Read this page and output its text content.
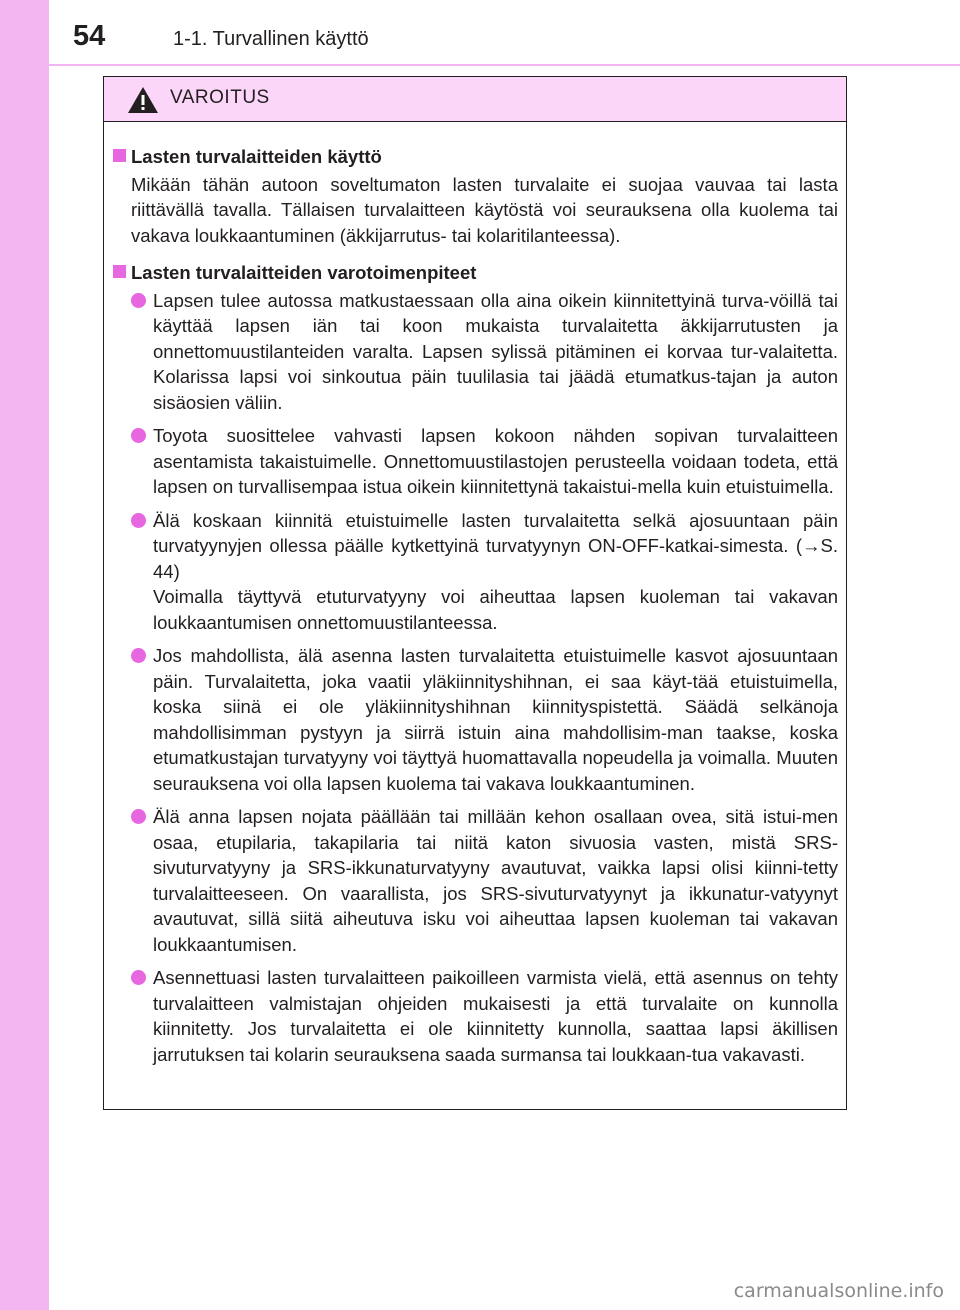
54	1-1. Turvallinen käyttö
VAROITUS
Lasten turvalaitteiden käyttö
Mikään tähän autoon soveltumaton lasten turvalaite ei suojaa vauvaa tai lasta riittävällä tavalla. Tällaisen turvalaitteen käytöstä voi seurauksena olla kuolema tai vakava loukkaantuminen (äkkijarrutus- tai kolaritilanteessa).
Lasten turvalaitteiden varotoimenpiteet
Lapsen tulee autossa matkustaessaan olla aina oikein kiinnitettyinä turva-vöillä tai käyttää lapsen iän tai koon mukaista turvalaitetta äkkijarrutusten ja onnettomuustilanteiden varalta. Lapsen sylissä pitäminen ei korvaa tur-valaitetta. Kolarissa lapsi voi sinkoutua päin tuulilasia tai jäädä etumatkus-tajan ja auton sisäosien väliin.
Toyota suosittelee vahvasti lapsen kokoon nähden sopivan turvalaitteen asentamista takaistuimelle. Onnettomuustilastojen perusteella voidaan todeta, että lapsen on turvallisempaa istua oikein kiinnitettynä takaistui-mella kuin etuistuimella.
Älä koskaan kiinnitä etuistuimelle lasten turvalaitetta selkä ajosuuntaan päin turvatyynyjen ollessa päälle kytkettyinä turvatyynyn ON-OFF-katkai-simesta. (→S. 44)
Voimalla täyttyvä etuturvatyyny voi aiheuttaa lapsen kuoleman tai vakavan loukkaantumisen onnettomuustilanteessa.
Jos mahdollista, älä asenna lasten turvalaitetta etuistuimelle kasvot ajosuuntaan päin. Turvalaitetta, joka vaatii yläkiinnityshihnan, ei saa käyt-tää etuistuimella, koska siinä ei ole yläkiinnityshihnan kiinnityspistettä. Säädä selkänoja mahdollisimman pystyyn ja siirrä istuin aina mahdollisim-man taakse, koska etumatkustajan turvatyyny voi täyttyä huomattavalla nopeudella ja voimalla. Muuten seurauksena voi olla lapsen kuolema tai vakava loukkaantuminen.
Älä anna lapsen nojata päällään tai millään kehon osallaan ovea, sitä istui-men osaa, etupilaria, takapilaria tai niitä katon sivuosia vasten, mistä SRS-sivuturvatyyny ja SRS-ikkunaturvatyyny avautuvat, vaikka lapsi olisi kiinni-tetty turvalaitteeseen. On vaarallista, jos SRS-sivuturvatyynyt ja ikkunatur-vatyynyt avautuvat, sillä siitä aiheutuva isku voi aiheuttaa lapsen kuoleman tai vakavan loukkaantumisen.
Asennettuasi lasten turvalaitteen paikoilleen varmista vielä, että asennus on tehty turvalaitteen valmistajan ohjeiden mukaisesti ja että turvalaite on kunnolla kiinnitetty. Jos turvalaitetta ei ole kiinnitetty kunnolla, saattaa lapsi äkillisen jarrutuksen tai kolarin seurauksena saada surmansa tai loukkaan-tua vakavasti.
carmanualsonline.info
